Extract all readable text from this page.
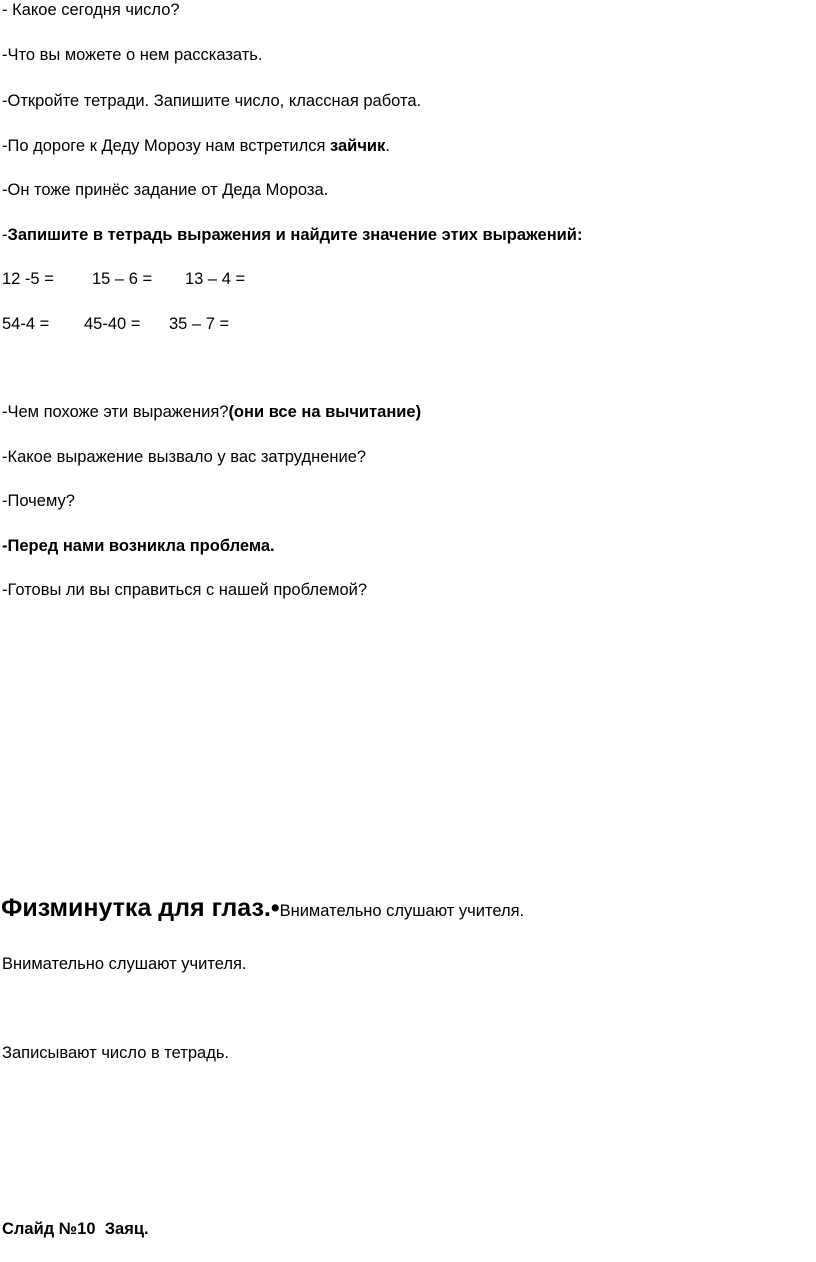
- Какое сегодня число?
-Что вы можете о нем рассказать.
-Откройте тетради. Запишите число, классная работа.
-По дороге к Деду Морозу нам встретился зайчик.
-Он тоже принёс задание от Деда Мороза.
-Запишите в тетрадь выражения и найдите значение этих выражений:
12 -5 = 15 – 6 = 13 – 4 =
54-4 = 45-40 = 35 – 7 =
-Чем похоже эти выражения?(они все на вычитание)
-Какое выражение вызвало у вас затруднение?
-Почему?
-Перед нами возникла проблема.
-Готовы ли вы справиться с нашей проблемой?
Физминутка для глаз.•Внимательно слушают учителя.
Внимательно слушают учителя.
Записывают число в тетрадь.
Слайд №10  Заяц.
